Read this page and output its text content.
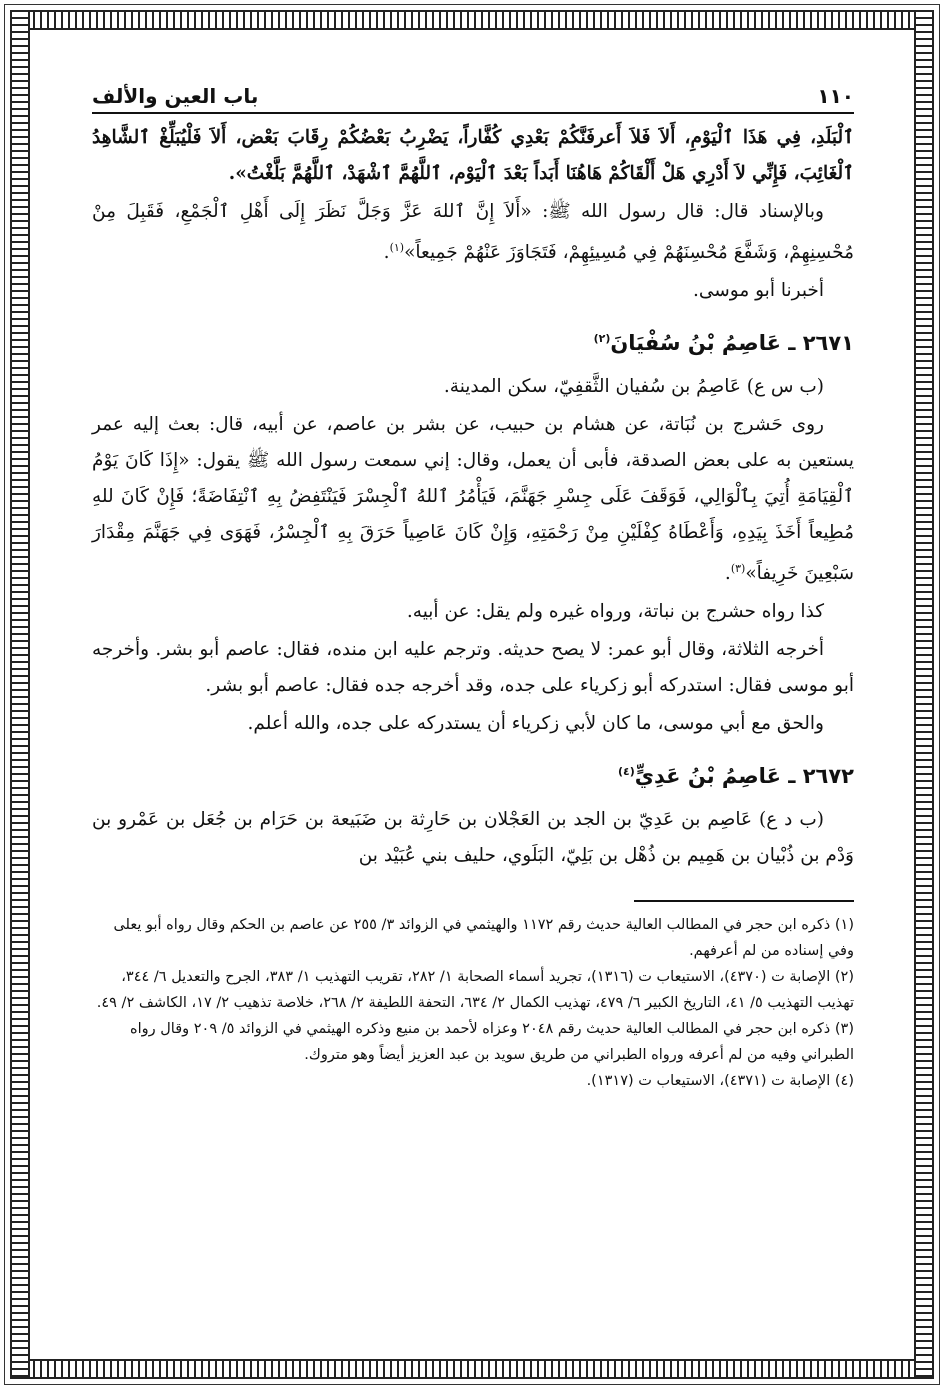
١١٠
باب العين والألف

ٱلْبَلَدِ، فِي هَذَا ٱلْيَوْمِ، أَلاَ فَلاَ أَعرفَنَّكُمْ بَعْدِي كُفَّاراً، يَضْرِبُ بَعْضُكُمْ رِقَابَ بَعْض، أَلاَ فَلْيُبَلِّغْ ٱلشَّاهِدُ ٱلْغَائِبَ، فَإِنِّي لاَ أَدْرِي هَلْ أَلْقَاكُمْ هَاهُنَا أَبَداً بَعْدَ ٱلْيَوْم، ٱللَّهُمَّ ٱشْهَدْ، ٱللَّهُمَّ بَلَّغْتُ».

وبالإسناد قال: قال رسول الله ﷺ: «أَلاَ إِنَّ ٱللهَ عَزَّ وَجَلَّ نَظَرَ إِلَى أَهْلِ ٱلْجَمْعِ، فَقَبِلَ مِنْ مُحْسِنِهِمْ، وَشَفَّعَ مُحْسِنَهُمْ فِي مُسِيئِهِمْ، فَتَجَاوَزَ عَنْهُمْ جَمِيعاً»$^{(١)}$.

أخبرنا أبو موسى.

٢٦٧١ ـ عَاصِمُ بْنُ سُفْيَانَ$^{(٢)}$

(ب س ع) عَاصِمُ بن سُفيان الثَّقفِيّ، سكن المدينة.

روى حَشرج بن نُبَاتة، عن هشام بن حبيب، عن بشر بن عاصم، عن أبيه، قال: بعث إليه عمر يستعين به على بعض الصدقة، فأبى أن يعمل، وقال: إني سمعت رسول الله ﷺ يقول: «إِذَا كَانَ يَوْمُ ٱلْقِيَامَةِ أُتِيَ بِٱلْوَالِي، فَوَقَفَ عَلَى جِسْرِ جَهَنَّمَ، فَيَأْمُرُ ٱللهُ ٱلْجِسْرَ فَيَنْتَفِضُ بِهِ ٱنْتِفَاضَةً؛ فَإِنْ كَانَ للهِ مُطِيعاً أَخَذَ بِيَدِهِ، وَأَعْطَاهُ كِفْلَيْنِ مِنْ رَحْمَتِهِ، وَإِنْ كَانَ عَاصِياً حَرَقَ بِهِ ٱلْجِسْرُ، فَهَوَى فِي جَهَنَّمَ مِقْدَارَ سَبْعِينَ خَرِيفاً»$^{(٣)}$.

كذا رواه حشرج بن نباتة، ورواه غيره ولم يقل: عن أبيه.

أخرجه الثلاثة، وقال أبو عمر: لا يصح حديثه. وترجم عليه ابن منده، فقال: عاصم أبو بشر. وأخرجه أبو موسى فقال: استدركه أبو زكرياء على جده، وقد أخرجه جده فقال: عاصم أبو بشر.

والحق مع أبي موسى، ما كان لأبي زكرياء أن يستدركه على جده، والله أعلم.

٢٦٧٢ ـ عَاصِمُ بْنُ عَدِيٍّ$^{(٤)}$

(ب د ع) عَاصِم بن عَدِيّ بن الجد بن العَجْلان بن حَارِثة بن ضَبَيعة بن حَرَام بن جُعَل بن عَمْرو بن وَدْم بن ذُبْيان بن هَمِيم بن ذُهْل بن بَلِيّ، البَلَوي، حليف بني عُبَيْد بن

(١) ذكره ابن حجر في المطالب العالية حديث رقم ١١٧٢ والهيثمي في الزوائد ٣/ ٢٥٥ عن عاصم بن الحكم وقال رواه أبو يعلى وفي إسناده من لم أعرفهم.

(٢) الإصابة ت (٤٣٧٠)، الاستيعاب ت (١٣١٦)، تجريد أسماء الصحابة ١/ ٢٨٢، تقريب التهذيب ١/ ٣٨٣، الجرح والتعديل ٦/ ٣٤٤، تهذيب التهذيب ٥/ ٤١، التاريخ الكبير ٦/ ٤٧٩، تهذيب الكمال ٢/ ٦٣٤، التحفة اللطيفة ٢/ ٢٦٨، خلاصة تذهيب ٢/ ١٧، الكاشف ٢/ ٤٩.

(٣) ذكره ابن حجر في المطالب العالية حديث رقم ٢٠٤٨ وعزاه لأحمد بن منيع وذكره الهيثمي في الزوائد ٥/ ٢٠٩ وقال رواه الطبراني وفيه من لم أعرفه ورواه الطبراني من طريق سويد بن عبد العزيز أيضاً وهو متروك.

(٤) الإصابة ت (٤٣٧١)، الاستيعاب ت (١٣١٧).
